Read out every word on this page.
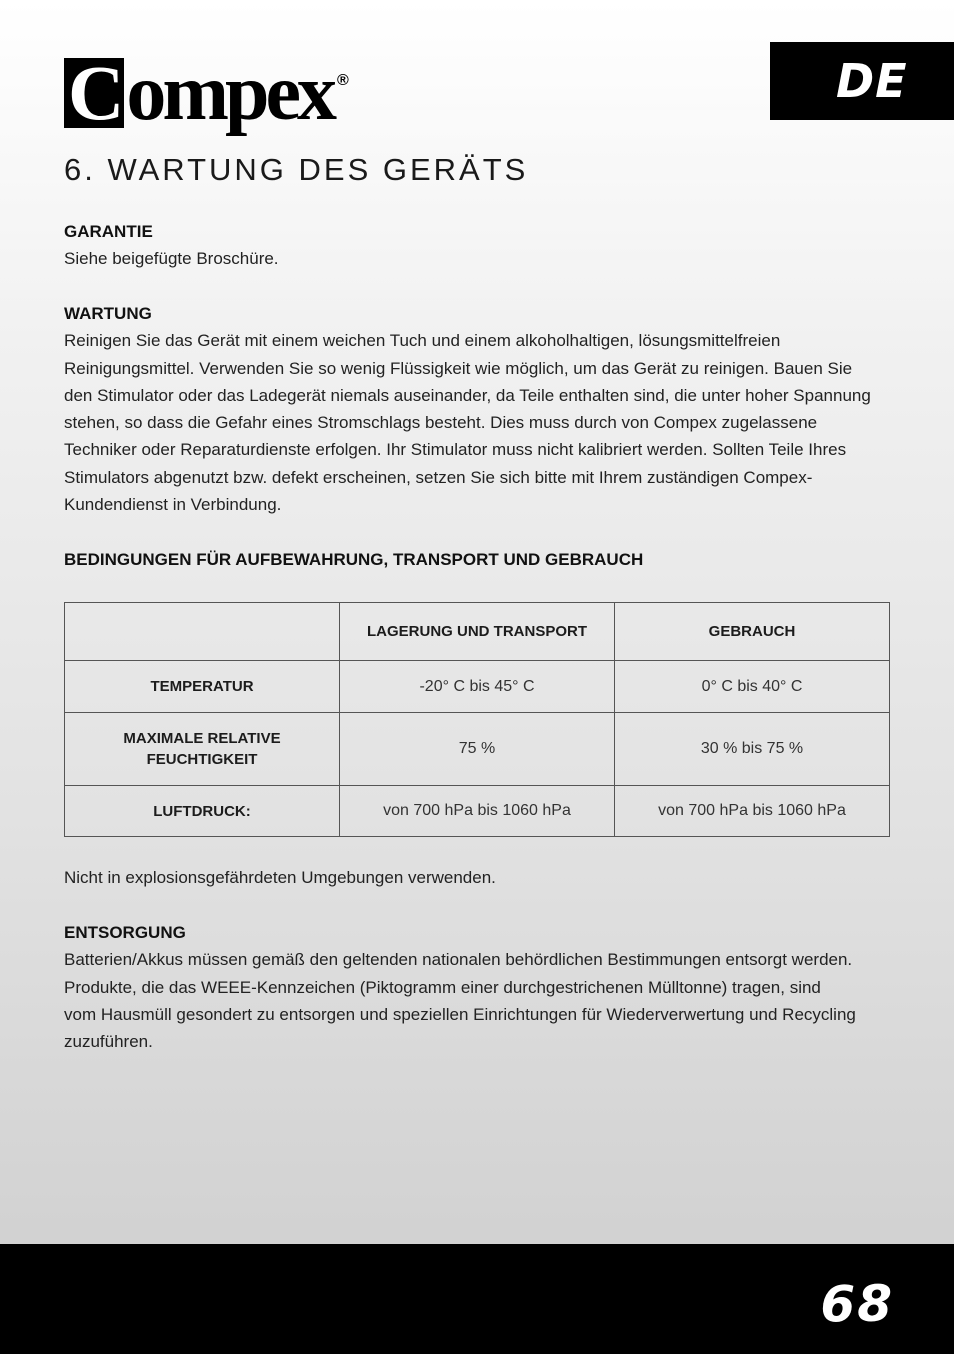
Compex ®	DE
6. WARTUNG DES GERÄTS

GARANTIE

Siehe beigefügte Broschüre.

WARTUNG

Reinigen Sie das Gerät mit einem weichen Tuch und einem alkoholhaltigen, lösungsmittelfreien

Reinigungsmittel. Verwenden Sie so wenig Flüssigkeit wie möglich, um das Gerät zu reinigen. Bauen Sie

den Stimulator oder das Ladegerät niemals auseinander, da Teile enthalten sind, die unter hoher Spannung

stehen, so dass die Gefahr eines Stromschlags besteht. Dies muss durch von Compex zugelassene

Techniker oder Reparaturdienste erfolgen. Ihr Stimulator muss nicht kalibriert werden. Sollten Teile Ihres

Stimulators abgenutzt bzw. defekt erscheinen, setzen Sie sich bitte mit Ihrem zuständigen Compex-

Kundendienst in Verbindung.

BEDINGUNGEN FÜR AUFBEWAHRUNG, TRANSPORT UND GEBRAUCH

	LAGERUNG UND TRANSPORT	GEBRAUCH
TEMPERATUR	-20° C bis 45° C	0° C bis 40° C
MAXIMALE RELATIVE
FEUCHTIGKEIT	75 %	30 % bis 75 %
LUFTDRUCK:	von 700 hPa bis 1060 hPa	von 700 hPa bis 1060 hPa

Nicht in explosionsgefährdeten Umgebungen verwenden.

ENTSORGUNG

Batterien/Akkus müssen gemäß den geltenden nationalen behördlichen Bestimmungen entsorgt werden.

Produkte, die das WEEE-Kennzeichen (Piktogramm einer durchgestrichenen Mülltonne) tragen, sind

vom Hausmüll gesondert zu entsorgen und speziellen Einrichtungen für Wiederverwertung und Recycling

zuzuführen.

68
